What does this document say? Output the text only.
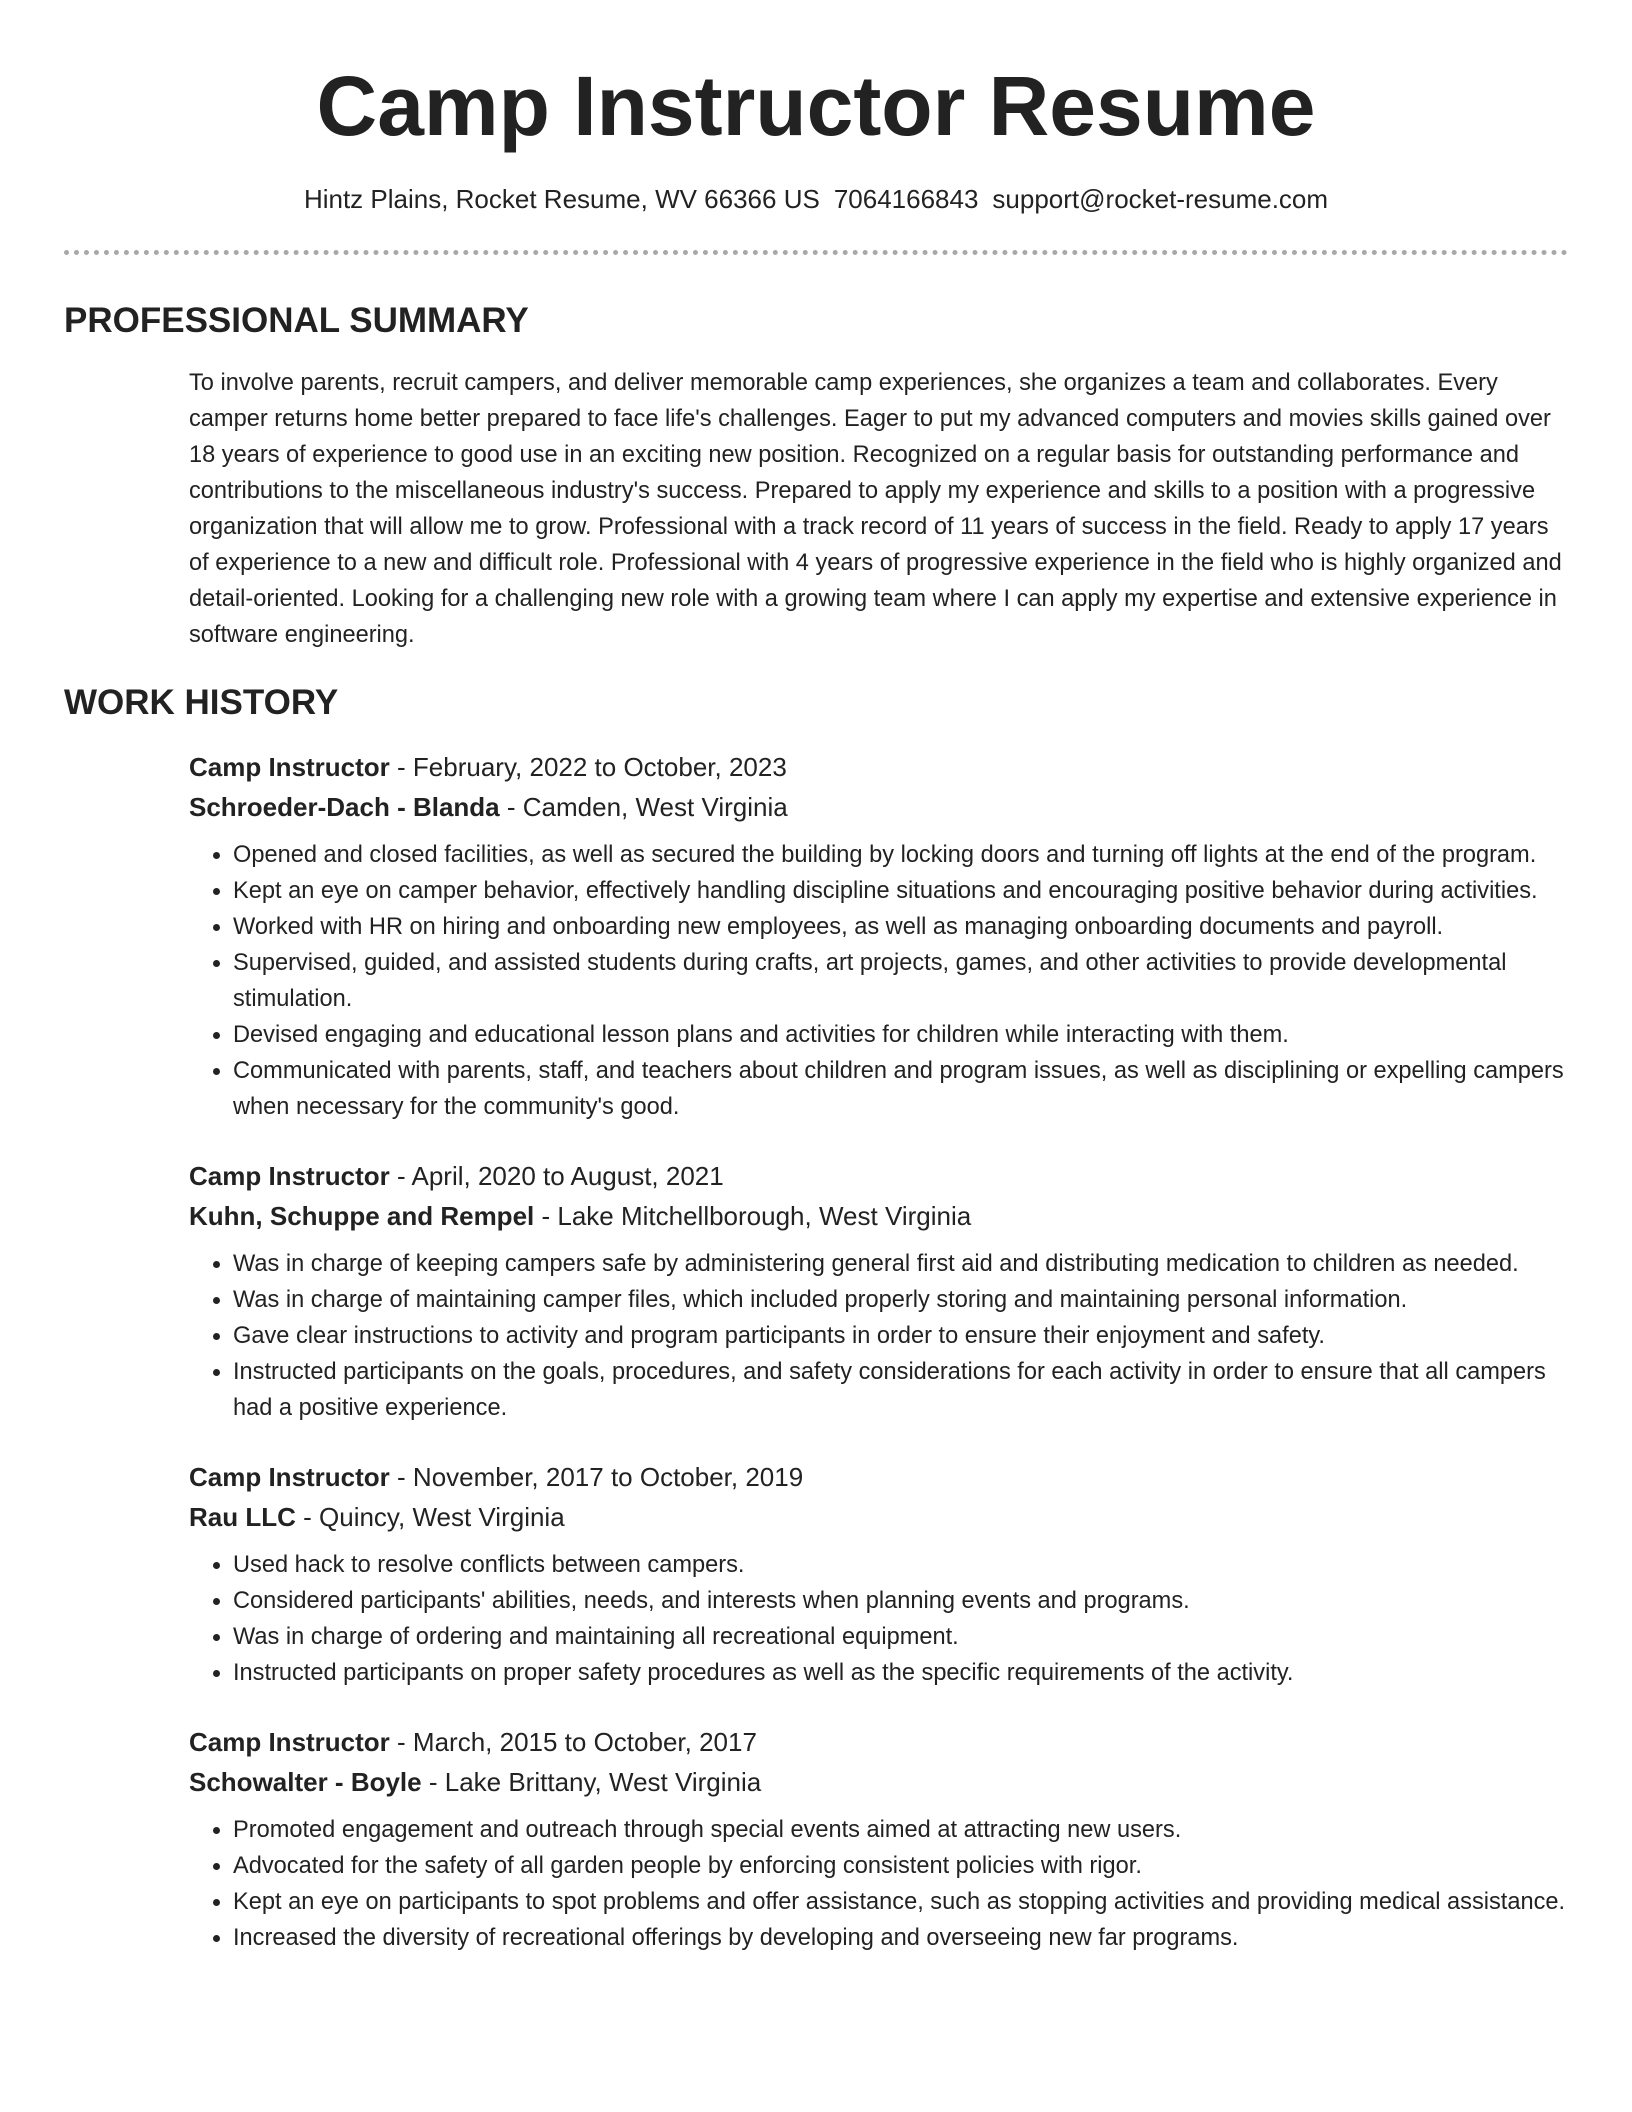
Camp Instructor Resume
Hintz Plains, Rocket Resume, WV 66366 US 7064166843 support@rocket-resume.com
PROFESSIONAL SUMMARY

To involve parents, recruit campers, and deliver memorable camp experiences, she organizes a team and collaborates. Every camper returns home better prepared to face life's challenges. Eager to put my advanced computers and movies skills gained over 18 years of experience to good use in an exciting new position. Recognized on a regular basis for outstanding performance and contributions to the miscellaneous industry's success. Prepared to apply my experience and skills to a position with a progressive organization that will allow me to grow. Professional with a track record of 11 years of success in the field. Ready to apply 17 years of experience to a new and difficult role. Professional with 4 years of progressive experience in the field who is highly organized and detail-oriented. Looking for a challenging new role with a growing team where I can apply my expertise and extensive experience in software engineering.

WORK HISTORY

Camp Instructor - February, 2022 to October, 2023

Schroeder-Dach - Blanda - Camden, West Virginia

• Opened and closed facilities, as well as secured the building by locking doors and turning off lights at the end of the program.
• Kept an eye on camper behavior, effectively handling discipline situations and encouraging positive behavior during activities.
• Worked with HR on hiring and onboarding new employees, as well as managing onboarding documents and payroll.
• Supervised, guided, and assisted students during crafts, art projects, games, and other activities to provide developmental stimulation.
• Devised engaging and educational lesson plans and activities for children while interacting with them.
• Communicated with parents, staff, and teachers about children and program issues, as well as disciplining or expelling campers when necessary for the community's good.

Camp Instructor - April, 2020 to August, 2021

Kuhn, Schuppe and Rempel - Lake Mitchellborough, West Virginia

• Was in charge of keeping campers safe by administering general first aid and distributing medication to children as needed.
• Was in charge of maintaining camper files, which included properly storing and maintaining personal information.
• Gave clear instructions to activity and program participants in order to ensure their enjoyment and safety.
• Instructed participants on the goals, procedures, and safety considerations for each activity in order to ensure that all campers had a positive experience.

Camp Instructor - November, 2017 to October, 2019

Rau LLC - Quincy, West Virginia

• Used hack to resolve conflicts between campers.
• Considered participants' abilities, needs, and interests when planning events and programs.
• Was in charge of ordering and maintaining all recreational equipment.
• Instructed participants on proper safety procedures as well as the specific requirements of the activity.

Camp Instructor - March, 2015 to October, 2017

Schowalter - Boyle - Lake Brittany, West Virginia

• Promoted engagement and outreach through special events aimed at attracting new users.
• Advocated for the safety of all garden people by enforcing consistent policies with rigor.
• Kept an eye on participants to spot problems and offer assistance, such as stopping activities and providing medical assistance.
• Increased the diversity of recreational offerings by developing and overseeing new far programs.
